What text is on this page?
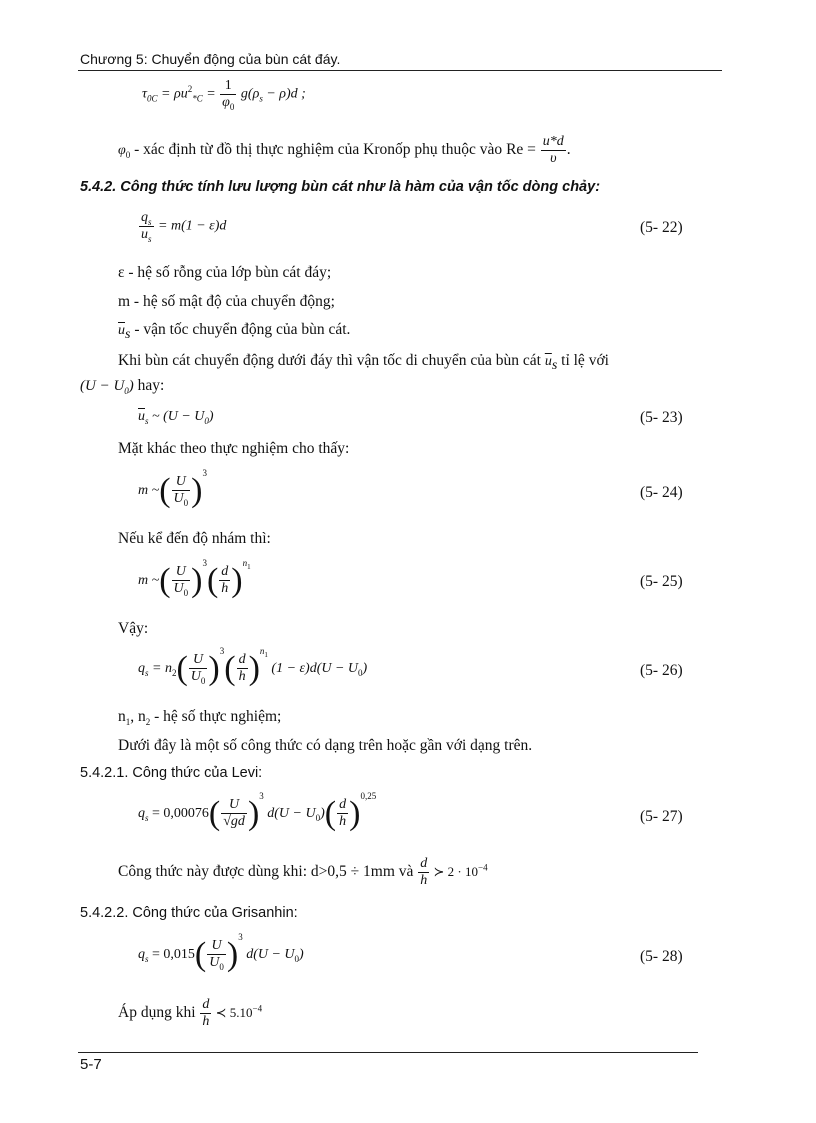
Chương 5: Chuyển động của bùn cát đáy.
$\tau_{0C} = \rho u^2_{*C} = \frac{1}{\varphi_0} g(\rho_s - \rho)d$ ;
$\varphi_0$ - xác định từ đồ thị thực nghiệm của Kronốp phụ thuộc vào $Re = \frac{u*d}{\upsilon}$ .
5.4.2. Công thức tính lưu lượng bùn cát như là hàm của vận tốc dòng chảy:
$\frac{q_s}{\overline{u}_s} = m(1 - \varepsilon)d$	(5- 22)
ε - hệ số rỗng của lớp bùn cát đáy;
m - hệ số mật độ của chuyển động;
$\overline{u}_s$ - vận tốc chuyển động của bùn cát.
Khi bùn cát chuyển động dưới đáy thì vận tốc di chuyển của bùn cát $\overline{u}_s$ tỉ lệ với
$(U - U_0)$ hay:
$\overline{u}_s$ ~ $(U - U_0)$	(5- 23)
Mặt khác theo thực nghiệm cho thấy:
m ~( $\frac{U}{U_0} )^3$
(5- 24)
Nếu kể đến độ nhám thì:
m ~( $\frac{U}{U_0} )^3( \frac{d}{h} )^{n_1}$
(5- 25)
Vậy:
$q_s = n_2( \frac{U}{U_0} )^3( \frac{d}{h} )^{n_1}$ $(1 - \varepsilon)d(U - U_0)$	(5- 26)
$n_1$, $n_2$ - hệ số thực nghiệm;
Dưới đây là một số công thức có dạng trên hoặc gần với dạng trên.
5.4.2.1. Công thức của Levi:
$q_s = 0,00076( \frac{U}{√gd} )^3$ $d(U - U_0)( \frac{d}{h} )^{0,25}$
(5- 27)
Công thức này được dùng khi: d>0,5 ÷ 1mm và $\frac{d}{h}$ ≻ $2 \cdot 10^{-4}$
5.4.2.2. Công thức của Grisanhin:
$q_s = 0,015( \frac{U}{U_0} )^3$ $d(U - U_0)$	(5- 28)
Áp dụng khi $\frac{d}{h}$ ≺ $5.10^{-4}$
5-7
